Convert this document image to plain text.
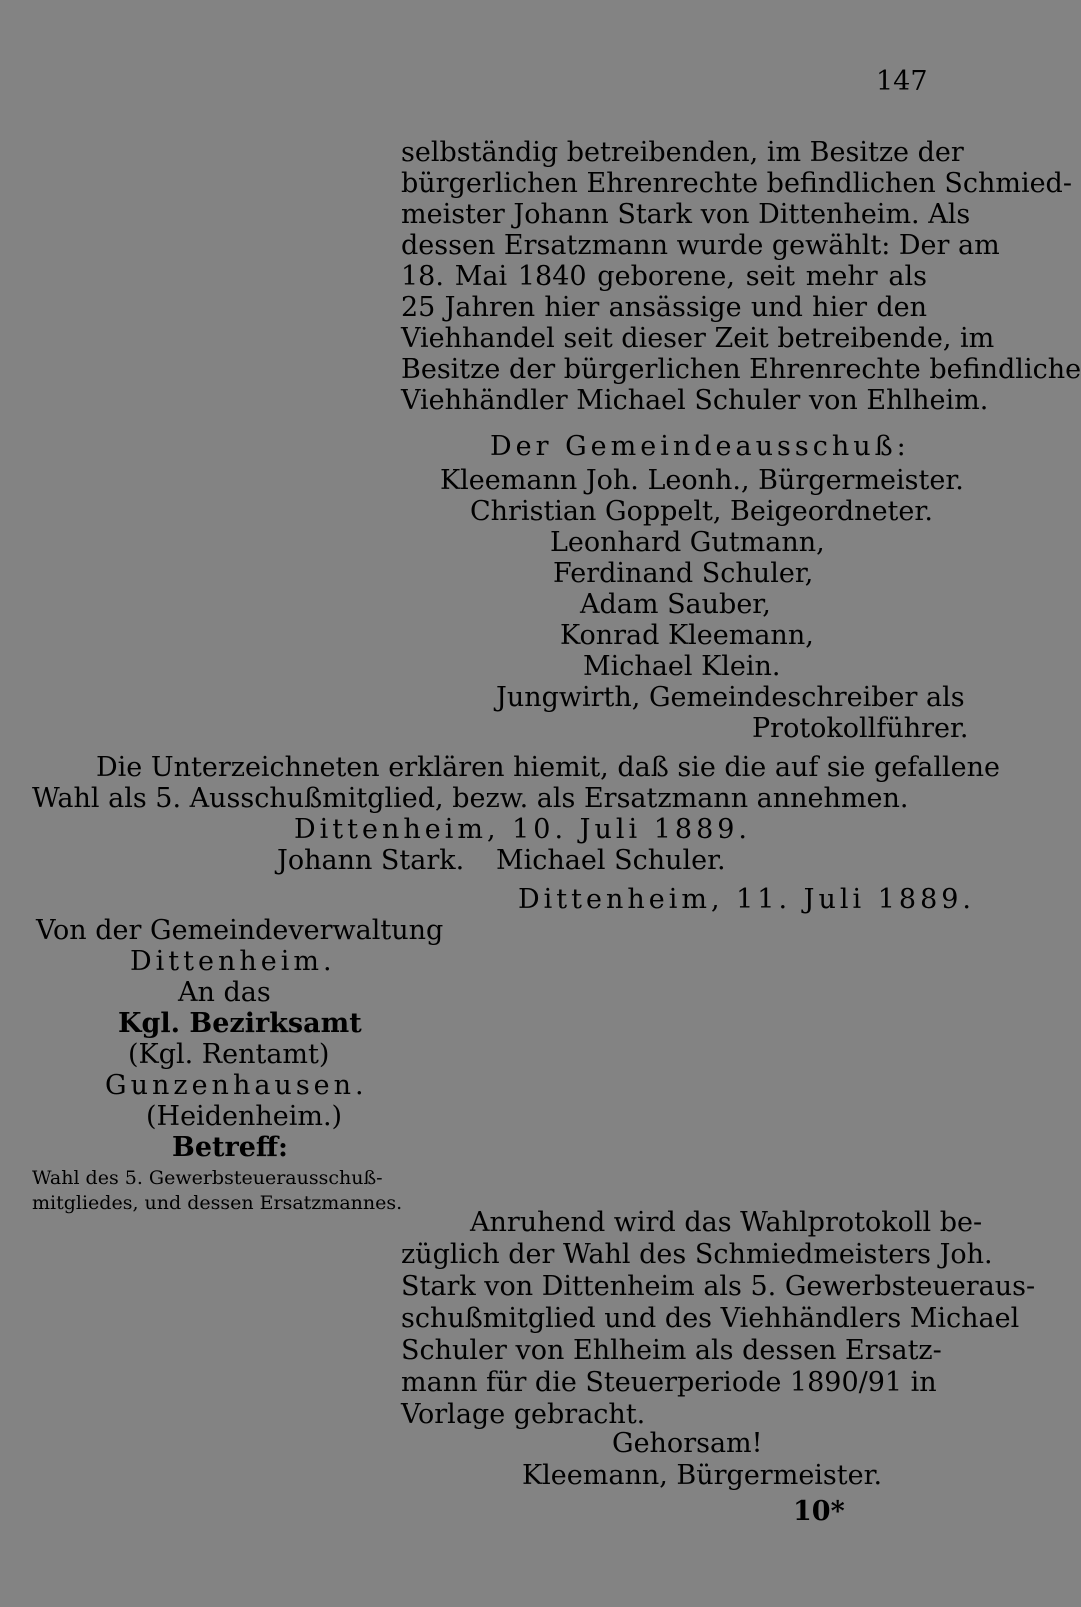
147
selbständig betreibenden, im Besitze der
bürgerlichen Ehrenrechte befindlichen Schmied-
meister Johann Stark von Dittenheim. Als
dessen Ersatzmann wurde gewählt: Der am
18. Mai 1840 geborene, seit mehr als
25 Jahren hier ansässige und hier den
Viehhandel seit dieser Zeit betreibende, im
Besitze der bürgerlichen Ehrenrechte befindliche
Viehhändler Michael Schuler von Ehlheim.
Der Gemeindeausschuß:
Kleemann Joh. Leonh., Bürgermeister.
Christian Goppelt, Beigeordneter.
Leonhard Gutmann,
Ferdinand Schuler,
Adam Sauber,
Konrad Kleemann,
Michael Klein.
Jungwirth, Gemeindeschreiber als
Protokollführer.
Die Unterzeichneten erklären hiemit, daß sie die auf sie gefallene
Wahl als 5. Ausschußmitglied, bezw. als Ersatzmann annehmen.
Dittenheim, 10. Juli 1889.
Johann Stark. Michael Schuler.
Dittenheim, 11. Juli 1889.
Von der Gemeindeverwaltung
Dittenheim.
An das
Kgl. Bezirksamt
(Kgl. Rentamt)
Gunzenhausen.
(Heidenheim.)
Betreff:
Wahl des 5. Gewerbsteuerausschuß-
mitgliedes, und dessen Ersatzmannes.
Anruhend wird das Wahlprotokoll be-
züglich der Wahl des Schmiedmeisters Joh.
Stark von Dittenheim als 5. Gewerbsteueraus-
schußmitglied und des Viehhändlers Michael
Schuler von Ehlheim als dessen Ersatz-
mann für die Steuerperiode 1890/91 in
Vorlage gebracht.
Gehorsam!
Kleemann, Bürgermeister.
10*
